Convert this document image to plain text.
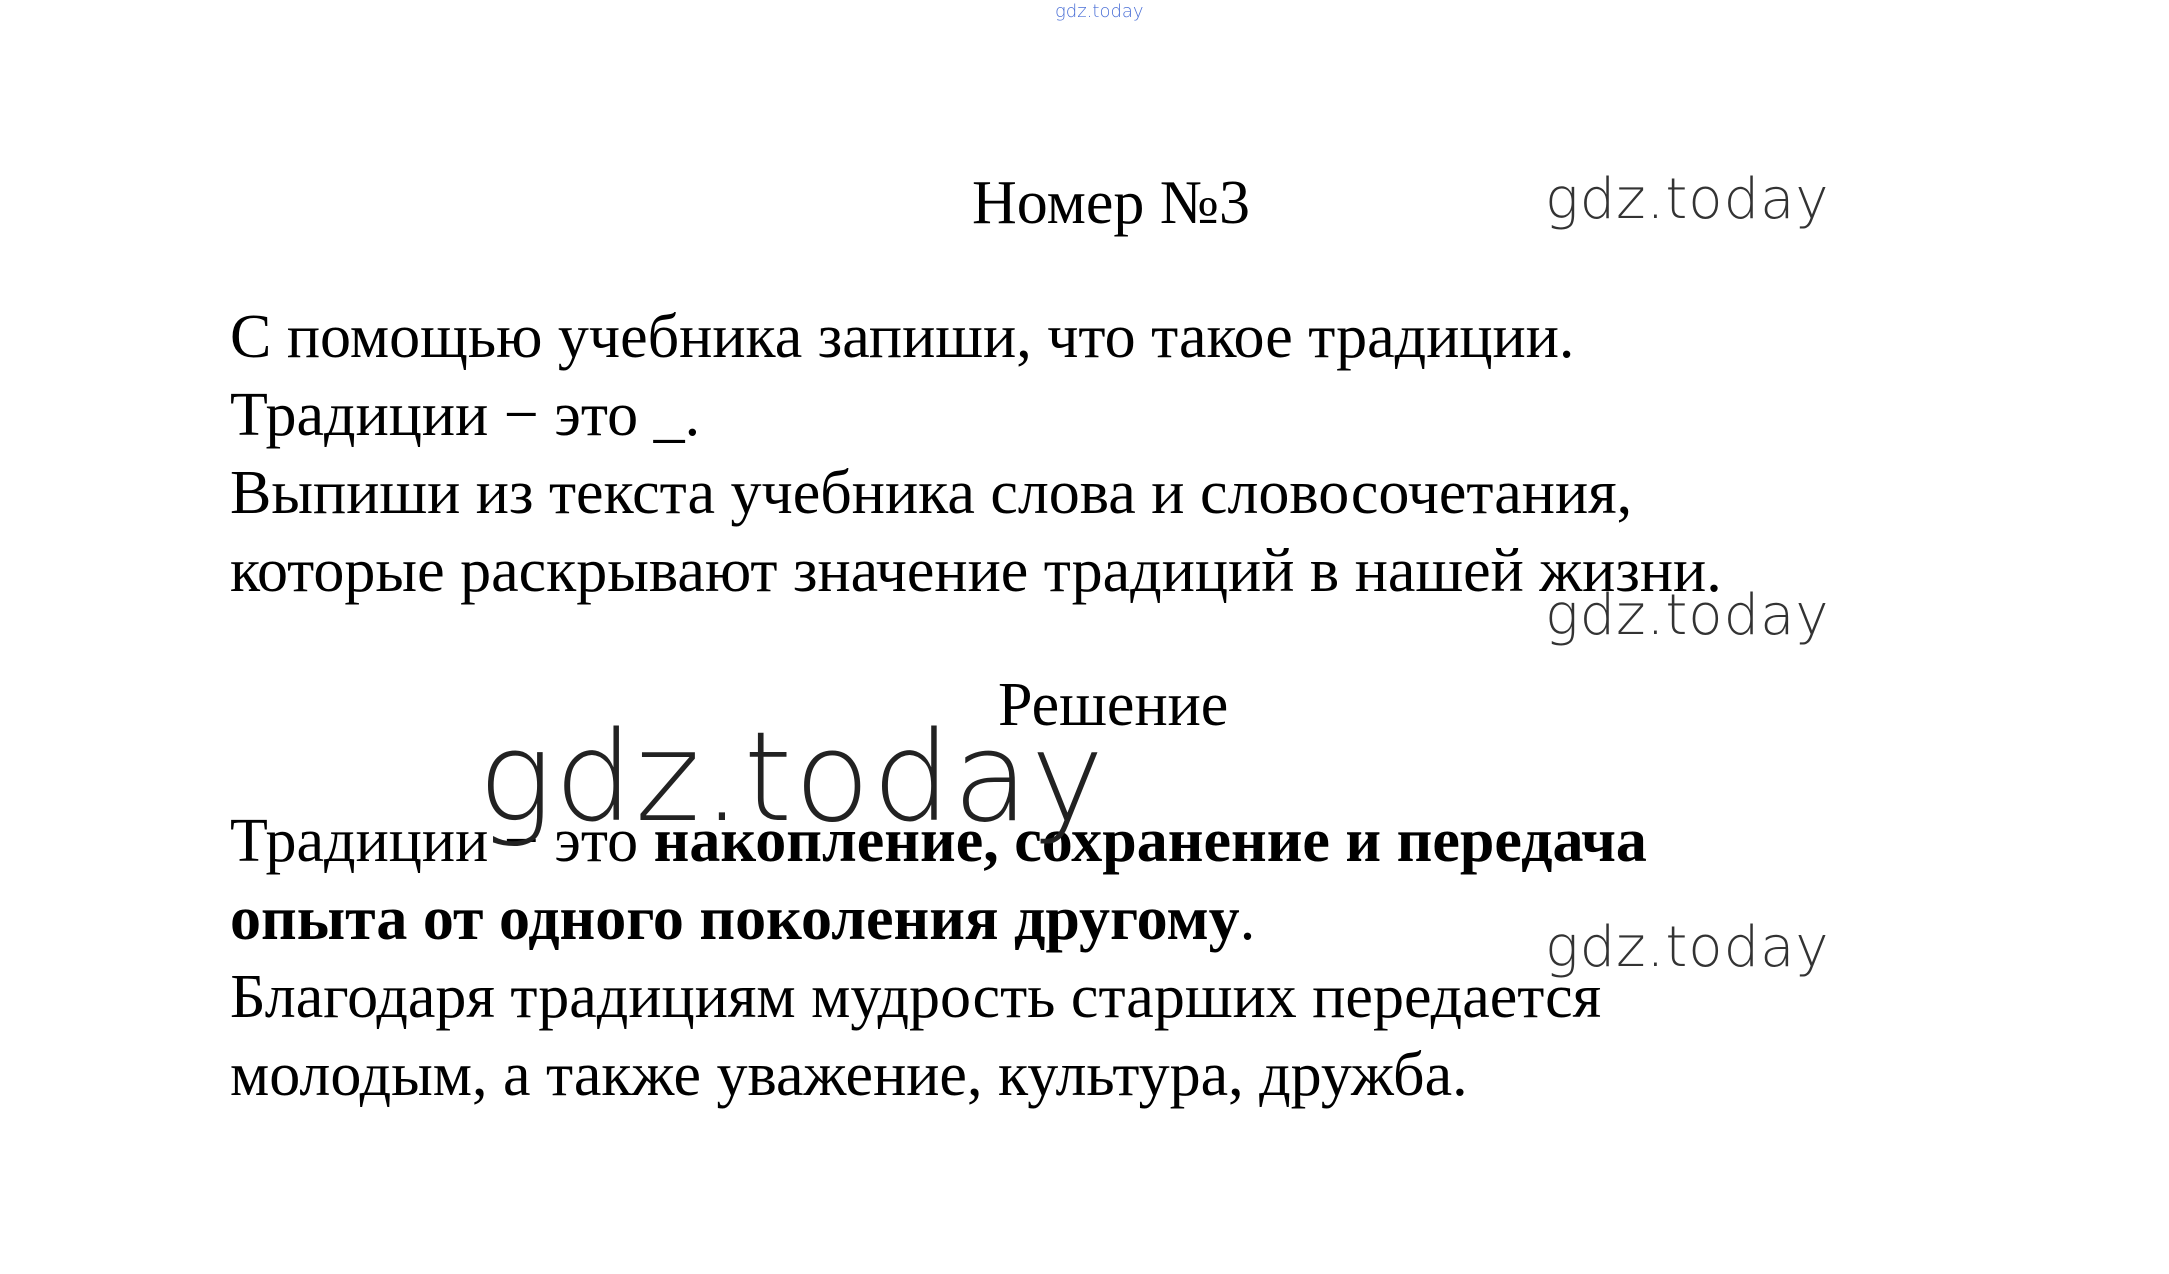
gdz.today
Номер №3	gdz.today
С помощью учебника запиши, что такое традиции.
Традиции − это _.
Выпиши из текста учебника слова и словосочетания,
которые раскрывают значение традиций в нашей жизни.
gdz.today
Решение
Традиции − это накопление, сохранение и передача
опыта от одного поколения другому.
Благодаря традициям мудрость старших передается
молодым, а также уважение, культура, дружба.
gdz.today
gdz.today
